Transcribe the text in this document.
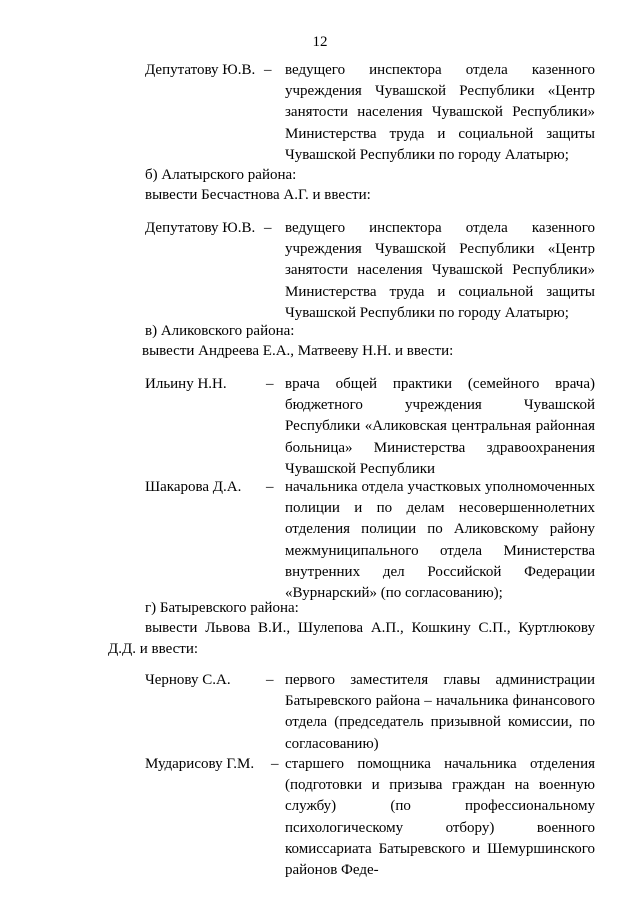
12
Депутатову Ю.В. – ведущего инспектора отдела казенного учреждения Чувашской Республики «Центр занятости населения Чувашской Республики» Министерства труда и социальной защиты Чувашской Республики по городу Алатырю;
б) Алатырского района:
вывести Бесчастнова А.Г. и ввести:
Депутатову Ю.В. – ведущего инспектора отдела казенного учреждения Чувашской Республики «Центр занятости населения Чувашской Республики» Министерства труда и социальной защиты Чувашской Республики по городу Алатырю;
в) Аликовского района:
вывести Андреева Е.А., Матвееву Н.Н. и ввести:
Ильину Н.Н.	– врача общей практики (семейного врача) бюджетного учреждения Чувашской Республики «Аликовская центральная районная больница» Министерства здравоохранения Чувашской Республики
Шакарова Д.А. – начальника отдела участковых уполномоченных полиции и по делам несовершеннолетних отделения полиции по Аликовскому району межмуниципального отдела Министерства внутренних дел Российской Федерации «Вурнарский» (по согласованию);
г) Батыревского района:
вывести Львова В.И., Шулепова А.П., Кошкину С.П., Куртлюкову Д.Д. и ввести:
Чернову С.А. – первого заместителя главы администрации Батыревского района – начальника финансового отдела (председатель призывной комиссии, по согласованию)
Мударисову Г.М. – старшего помощника начальника отделения (подготовки и призыва граждан на военную службу) (по профессиональному психологическому отбору) военного комиссариата Батыревского и Шемуршинского районов Феде-
